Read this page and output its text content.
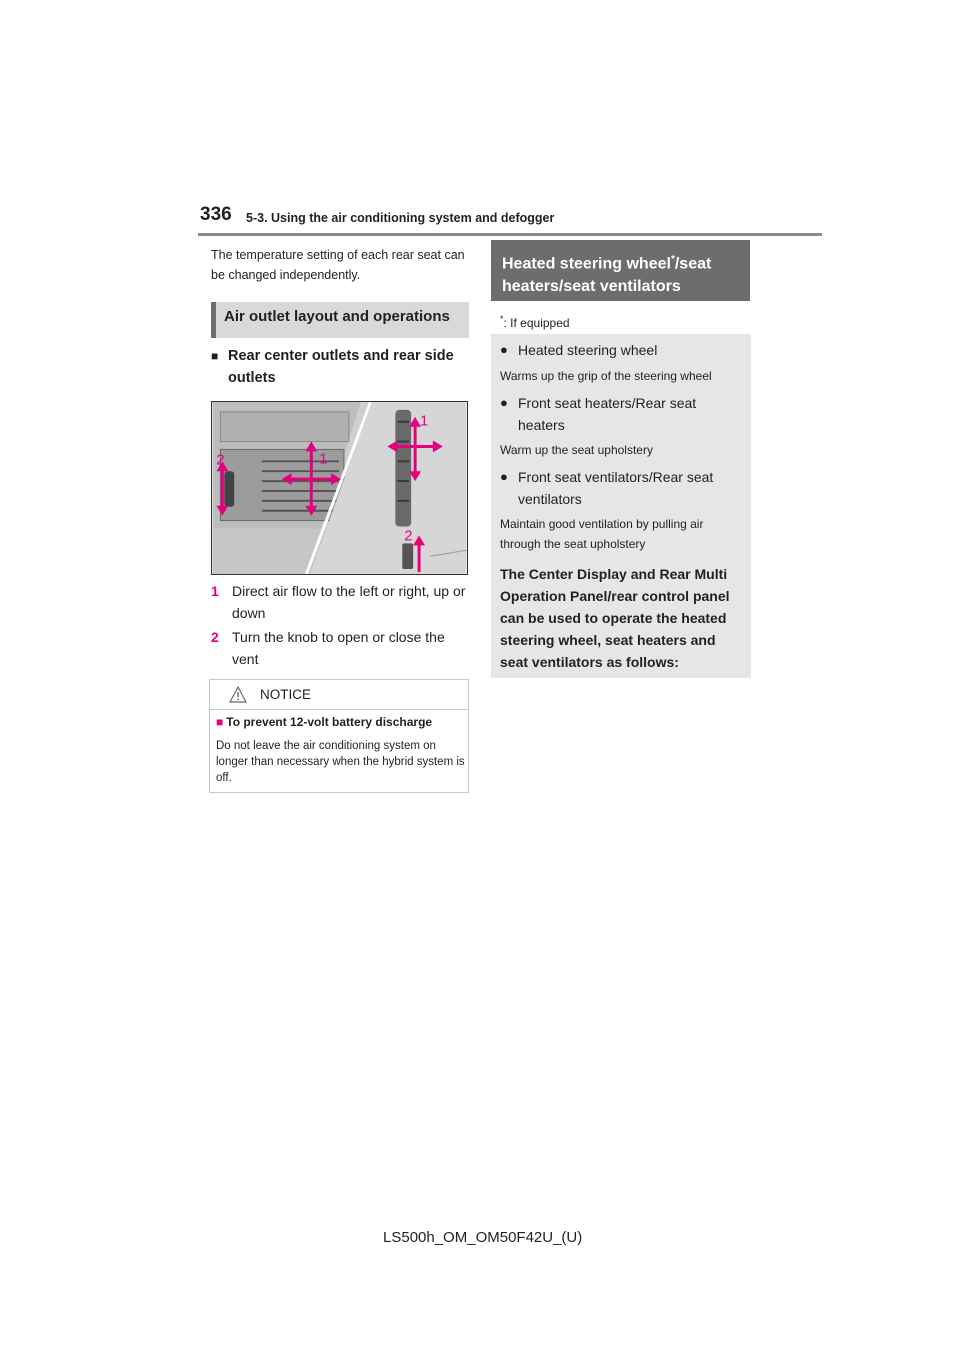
336 5-3. Using the air conditioning system and defogger
The temperature setting of each rear seat can be changed independently.
Air outlet layout and operations
■ Rear center outlets and rear side outlets
2	1
1
2
1 Direct air flow to the left or right, up or down
2 Turn the knob to open or close the vent
NOTICE
■ To prevent 12-volt battery discharge
Do not leave the air conditioning system on longer than necessary when the hybrid system is off.
Heated steering wheel*/seat heaters/seat ventilators
*: If equipped
● Heated steering wheel
Warms up the grip of the steering wheel
● Front seat heaters/Rear seat heaters
Warm up the seat upholstery
● Front seat ventilators/Rear seat ventilators
Maintain good ventilation by pulling air through the seat upholstery
The Center Display and Rear Multi Operation Panel/rear control panel can be used to operate the heated steering wheel, seat heaters and seat ventilators as follows:
LS500h_OM_OM50F42U_(U)
